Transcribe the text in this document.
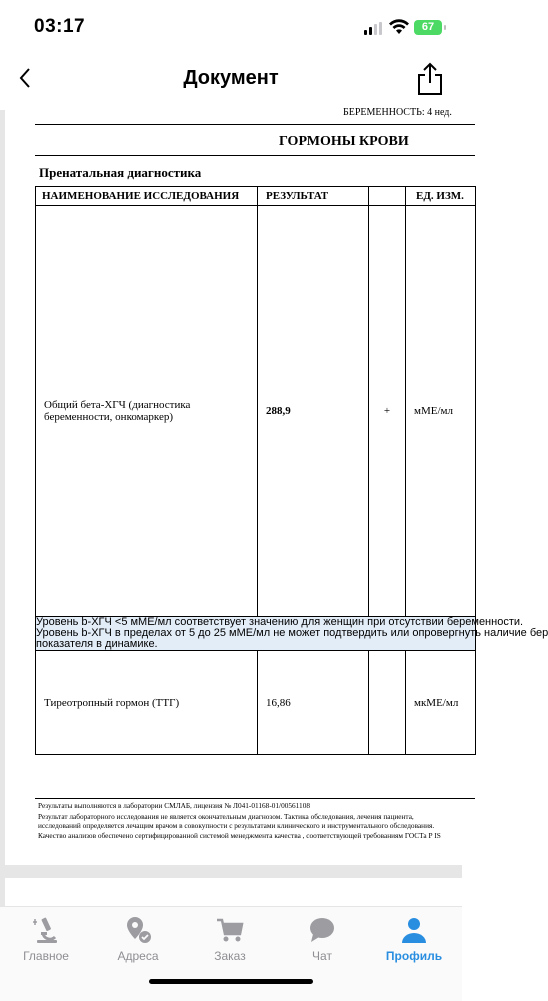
03:17	67
Документ
БЕРЕМЕННОСТЬ: 4 нед.
ГОРМОНЫ КРОВИ
Пренатальная диагностика
НАИМЕНОВАНИЕ ИССЛЕДОВАНИЯ	РЕЗУЛЬТАТ		ЕД. ИЗМ.
Общий бета-ХГЧ (диагностика беременности, онкомаркер)	288,9	+	мМЕ/мл

Уровень b-ХГЧ <5 мМЕ/мл соответствует значению для женщин при отсутствии беременности.
Уровень b-ХГЧ в пределах от 5 до 25 мМЕ/мл не может подтвердить или опровергнуть наличие бер
показателя в динамике.			

Тиреотропный гормон (ТТГ)	16,86		мкМЕ/мл
Результаты выполняются в лаборатории СМЛАБ, лицензия № Л041-01168-01/00561108
Результат лабораторного исследования не является окончательным диагнозом. Тактика обследования, лечения пациента,
исследований определяется лечащим врачом в совокупности с результатами клинического и инструментального обследования.
Качество анализов обеспечено сертифицированной системой менеджмента качества , соответствующей требованиям ГОСТа Р IS
Главное	Адреса	Заказ	Чат	Профиль
